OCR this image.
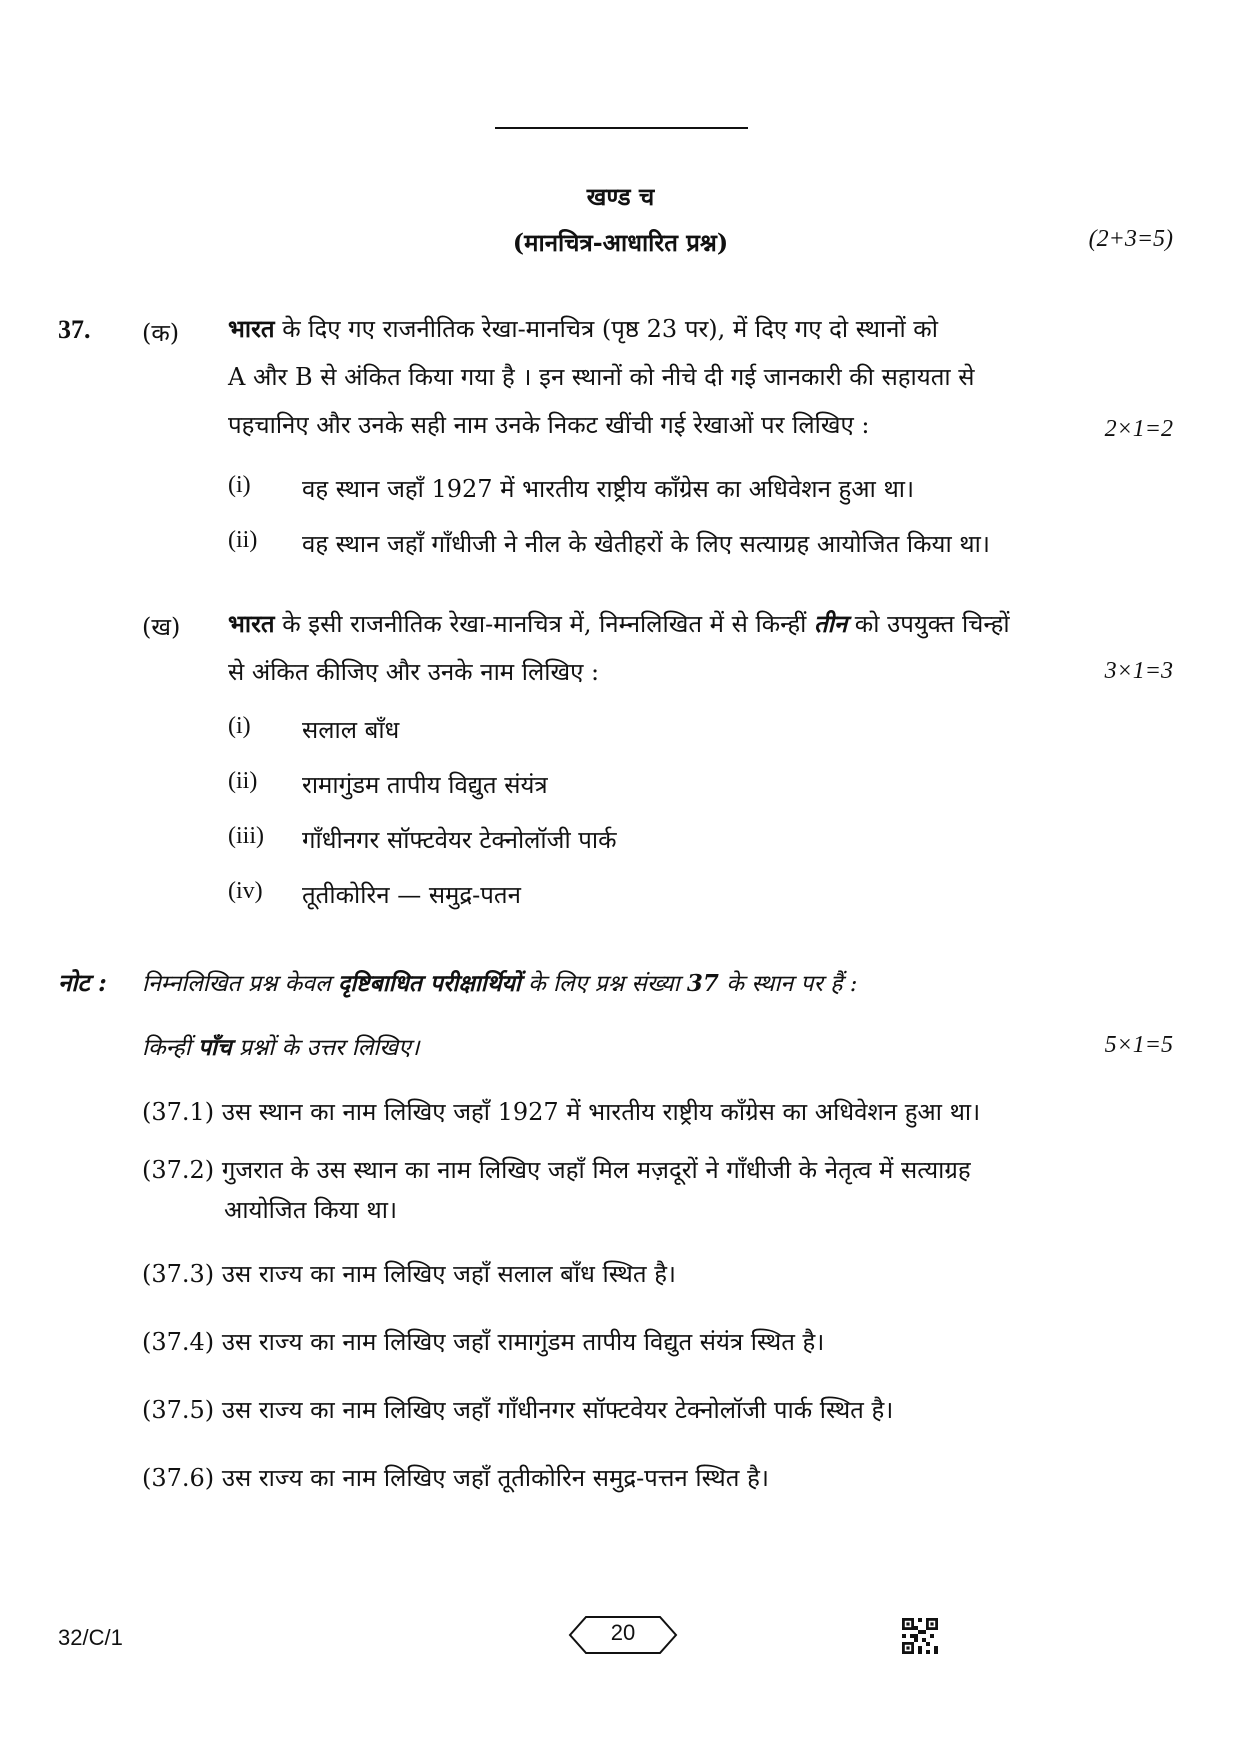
खण्ड च
(मानचित्र-आधारित प्रश्न)	(2+3=5)
37. (क) भारत के दिए गए राजनीतिक रेखा-मानचित्र (पृष्ठ 23 पर), में दिए गए दो स्थानों को
A और B से अंकित किया गया है । इन स्थानों को नीचे दी गई जानकारी की सहायता से
पहचानिए और उनके सही नाम उनके निकट खींची गई रेखाओं पर लिखिए :	2×1=2
(i) वह स्थान जहाँ 1927 में भारतीय राष्ट्रीय काँग्रेस का अधिवेशन हुआ था।
(ii) वह स्थान जहाँ गाँधीजी ने नील के खेतीहरों के लिए सत्याग्रह आयोजित किया था।
(ख) भारत के इसी राजनीतिक रेखा-मानचित्र में, निम्नलिखित में से किन्हीं तीन को उपयुक्त चिन्हों
से अंकित कीजिए और उनके नाम लिखिए :	3×1=3
(i) सलाल बाँध
(ii) रामागुंडम तापीय विद्युत संयंत्र
(iii) गाँधीनगर सॉफ्टवेयर टेक्नोलॉजी पार्क
(iv) तूतीकोरिन — समुद्र-पतन
नोट : निम्नलिखित प्रश्न केवल दृष्टिबाधित परीक्षार्थियों के लिए प्रश्न संख्या 37 के स्थान पर हैं :
किन्हीं पाँच प्रश्नों के उत्तर लिखिए।	5×1=5
(37.1) उस स्थान का नाम लिखिए जहाँ 1927 में भारतीय राष्ट्रीय काँग्रेस का अधिवेशन हुआ था।
(37.2) गुजरात के उस स्थान का नाम लिखिए जहाँ मिल मज़दूरों ने गाँधीजी के नेतृत्व में सत्याग्रह
आयोजित किया था।
(37.3) उस राज्य का नाम लिखिए जहाँ सलाल बाँध स्थित है।
(37.4) उस राज्य का नाम लिखिए जहाँ रामागुंडम तापीय विद्युत संयंत्र स्थित है।
(37.5) उस राज्य का नाम लिखिए जहाँ गाँधीनगर सॉफ्टवेयर टेक्नोलॉजी पार्क स्थित है।
(37.6) उस राज्य का नाम लिखिए जहाँ तूतीकोरिन समुद्र-पत्तन स्थित है।
32/C/1	20
